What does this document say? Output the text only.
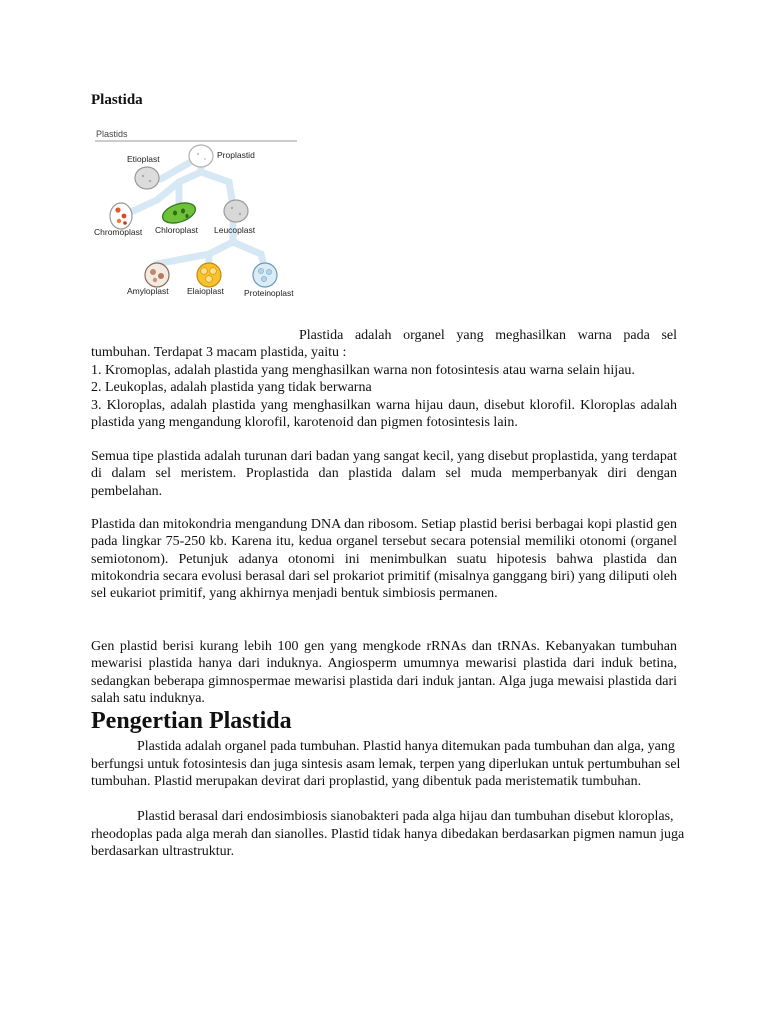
Plastida
Plastids
Etioplast	Proplastid
Chromoplast Chloroplast Leucoplast
Amyloplast Elaioplast Proteinoplast
Plastida adalah organel yang meghasilkan warna pada sel
tumbuhan. Terdapat 3 macam plastida, yaitu :
1. Kromoplas, adalah plastida yang menghasilkan warna non fotosintesis atau warna selain hijau.
2. Leukoplas, adalah plastida yang tidak berwarna
3. Kloroplas, adalah plastida yang menghasilkan warna hijau daun, disebut klorofil. Kloroplas adalah plastida yang mengandung klorofil, karotenoid dan pigmen fotosintesis lain.

Semua tipe plastida adalah turunan dari badan yang sangat kecil, yang disebut proplastida, yang terdapat di dalam sel meristem. Proplastida dan plastida dalam sel muda memperbanyak diri dengan pembelahan.

Plastida dan mitokondria mengandung DNA dan ribosom. Setiap plastid berisi berbagai kopi plastid gen pada lingkar 75-250 kb. Karena itu, kedua organel tersebut secara potensial memiliki otonomi (organel semiotonom). Petunjuk adanya otonomi ini menimbulkan suatu hipotesis bahwa plastida dan mitokondria secara evolusi berasal dari sel prokariot primitif (misalnya ganggang biri) yang diliputi oleh sel eukariot primitif, yang akhirnya menjadi bentuk simbiosis permanen.

Gen plastid berisi kurang lebih 100 gen yang mengkode rRNAs dan tRNAs. Kebanyakan tumbuhan mewarisi plastida hanya dari induknya. Angiosperm umumnya mewarisi plastida dari induk betina, sedangkan beberapa gimnospermae mewarisi plastida dari induk jantan. Alga juga mewaisi plastida dari salah satu induknya.

Pengertian Plastida

Plastida adalah organel pada tumbuhan. Plastid hanya ditemukan pada tumbuhan dan alga, yang berfungsi untuk fotosintesis dan juga sintesis asam lemak, terpen yang diperlukan untuk pertumbuhan sel tumbuhan. Plastid merupakan devirat dari proplastid, yang dibentuk pada meristematik tumbuhan.

Plastid berasal dari endosimbiosis sianobakteri pada alga hijau dan tumbuhan disebut kloroplas, rheodoplas pada alga merah dan sianolles. Plastid tidak hanya dibedakan berdasarkan pigmen namun juga berdasarkan ultrastruktur.
